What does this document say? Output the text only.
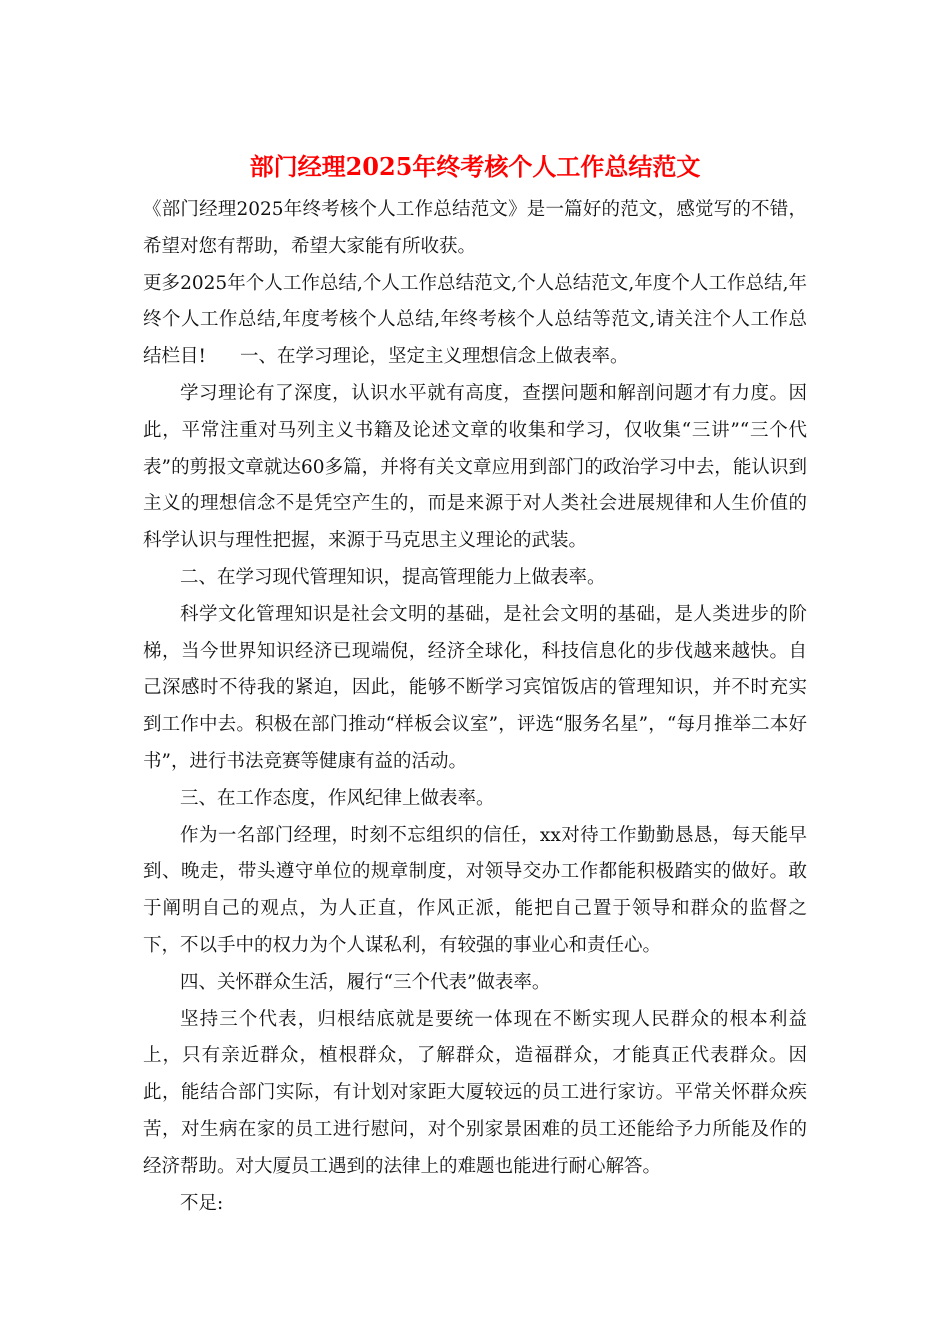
部门经理2025年终考核个人工作总结范文

《部门经理2025年终考核个人工作总结范文》是一篇好的范文，感觉写的不错，希望对您有帮助，希望大家能有所收获。

更多2025年个人工作总结,个人工作总结范文,个人总结范文,年度个人工作总结,年终个人工作总结,年度考核个人总结,年终考核个人总结等范文,请关注个人工作总结栏目! 一、在学习理论，坚定主义理想信念上做表率。

学习理论有了深度，认识水平就有高度，查摆问题和解剖问题才有力度。因此，平常注重对马列主义书籍及论述文章的收集和学习，仅收集“三讲”“三个代表”的剪报文章就达60多篇，并将有关文章应用到部门的政治学习中去，能认识到主义的理想信念不是凭空产生的，而是来源于对人类社会进展规律和人生价值的科学认识与理性把握，来源于马克思主义理论的武装。

二、在学习现代管理知识，提高管理能力上做表率。

科学文化管理知识是社会文明的基础，是社会文明的基础，是人类进步的阶梯，当今世界知识经济已现端倪，经济全球化，科技信息化的步伐越来越快。自己深感时不待我的紧迫，因此，能够不断学习宾馆饭店的管理知识，并不时充实到工作中去。积极在部门推动“样板会议室”，评选“服务名星”，“每月推举二本好书”，进行书法竞赛等健康有益的活动。

三、在工作态度，作风纪律上做表率。

作为一名部门经理，时刻不忘组织的信任，xx对待工作勤勤恳恳，每天能早到、晚走，带头遵守单位的规章制度，对领导交办工作都能积极踏实的做好。敢于阐明自己的观点，为人正直，作风正派，能把自己置于领导和群众的监督之下，不以手中的权力为个人谋私利，有较强的事业心和责任心。

四、关怀群众生活，履行“三个代表”做表率。

坚持三个代表，归根结底就是要统一体现在不断实现人民群众的根本利益上，只有亲近群众，植根群众，了解群众，造福群众，才能真正代表群众。因此，能结合部门实际，有计划对家距大厦较远的员工进行家访。平常关怀群众疾苦，对生病在家的员工进行慰问，对个别家景困难的员工还能给予力所能及作的经济帮助。对大厦员工遇到的法律上的难题也能进行耐心解答。

不足:
